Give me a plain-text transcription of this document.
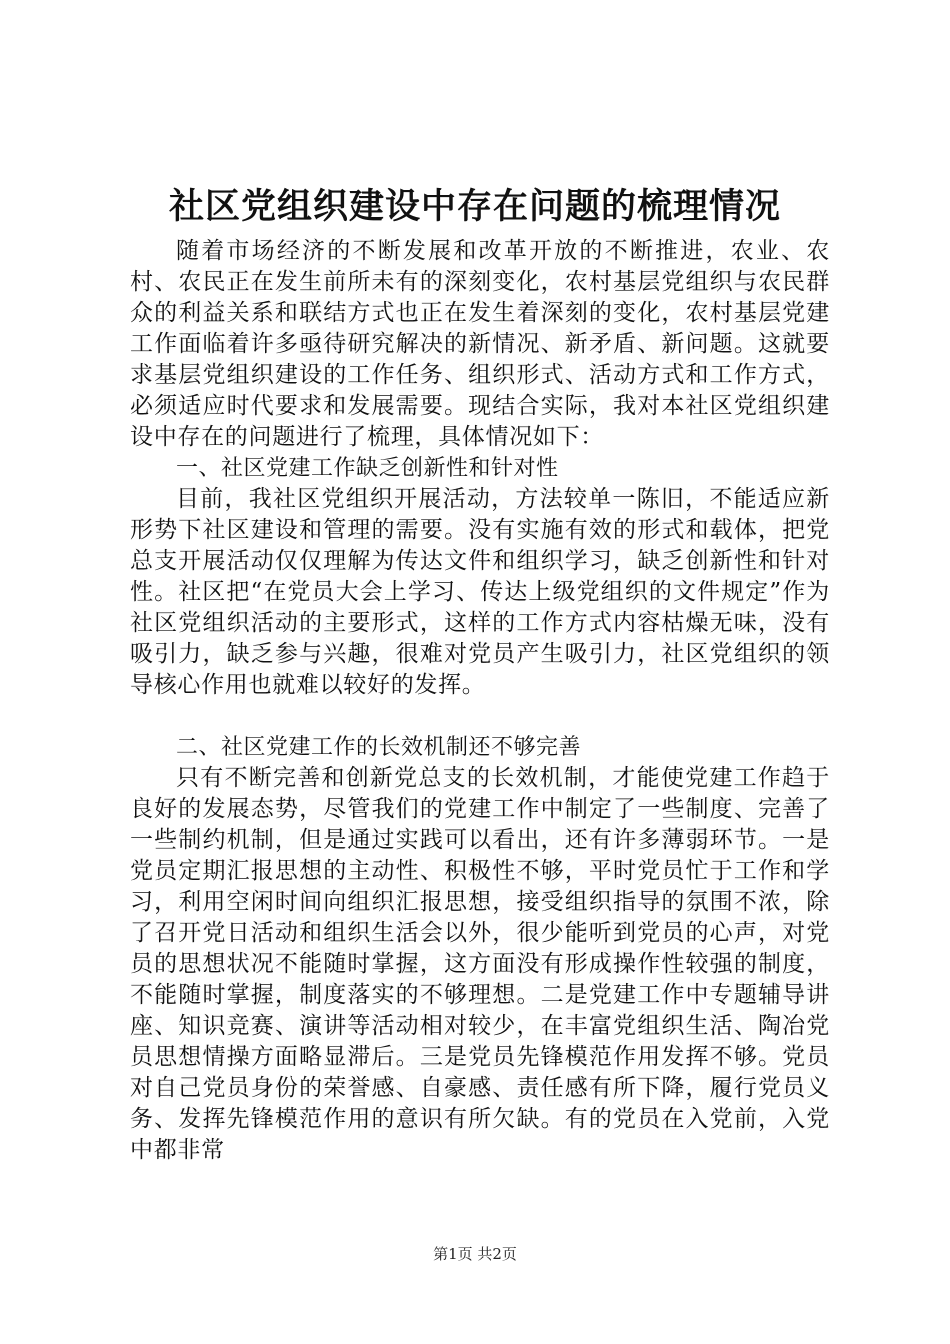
社区党组织建设中存在问题的梳理情况

随着市场经济的不断发展和改革开放的不断推进，农业、农村、农民正在发生前所未有的深刻变化，农村基层党组织与农民群众的利益关系和联结方式也正在发生着深刻的变化，农村基层党建工作面临着许多亟待研究解决的新情况、新矛盾、新问题。这就要求基层党组织建设的工作任务、组织形式、活动方式和工作方式，必须适应时代要求和发展需要。现结合实际，我对本社区党组织建设中存在的问题进行了梳理，具体情况如下：

一、社区党建工作缺乏创新性和针对性

目前，我社区党组织开展活动，方法较单一陈旧，不能适应新形势下社区建设和管理的需要。没有实施有效的形式和载体，把党总支开展活动仅仅理解为传达文件和组织学习，缺乏创新性和针对性。社区把“在党员大会上学习、传达上级党组织的文件规定”作为社区党组织活动的主要形式，这样的工作方式内容枯燥无味，没有吸引力，缺乏参与兴趣，很难对党员产生吸引力，社区党组织的领导核心作用也就难以较好的发挥。

二、社区党建工作的长效机制还不够完善

只有不断完善和创新党总支的长效机制，才能使党建工作趋于良好的发展态势，尽管我们的党建工作中制定了一些制度、完善了一些制约机制，但是通过实践可以看出，还有许多薄弱环节。一是党员定期汇报思想的主动性、积极性不够，平时党员忙于工作和学习，利用空闲时间向组织汇报思想，接受组织指导的氛围不浓，除了召开党日活动和组织生活会以外，很少能听到党员的心声，对党员的思想状况不能随时掌握，这方面没有形成操作性较强的制度，不能随时掌握，制度落实的不够理想。二是党建工作中专题辅导讲座、知识竞赛、演讲等活动相对较少，在丰富党组织生活、陶冶党员思想情操方面略显滞后。三是党员先锋模范作用发挥不够。党员对自己党员身份的荣誉感、自豪感、责任感有所下降，履行党员义务、发挥先锋模范作用的意识有所欠缺。有的党员在入党前，入党中都非常

第1页 共2页
